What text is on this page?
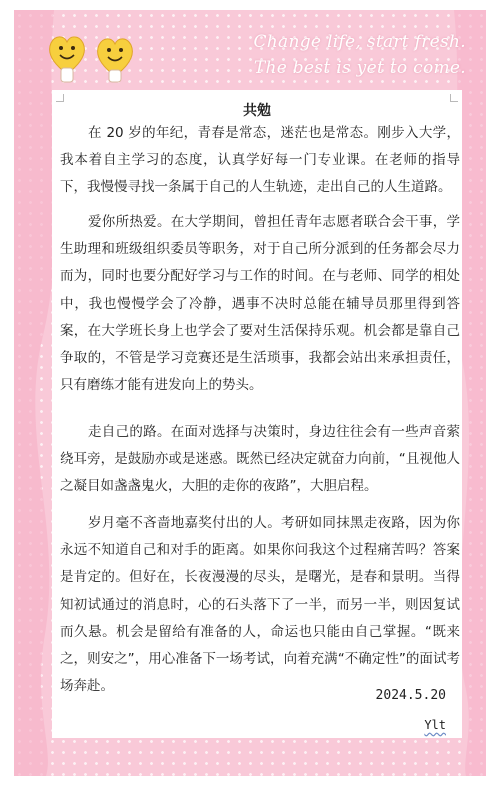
Change life, start fresh.
The best is yet to come.
共勉

在 20 岁的年纪，青春是常态，迷茫也是常态。刚步入大学，我本着自主学习的态度，认真学好每一门专业课。在老师的指导下，我慢慢寻找一条属于自己的人生轨迹，走出自己的人生道路。

爱你所热爱。在大学期间，曾担任青年志愿者联合会干事，学生助理和班级组织委员等职务，对于自己所分派到的任务都会尽力而为，同时也要分配好学习与工作的时间。在与老师、同学的相处中，我也慢慢学会了冷静，遇事不决时总能在辅导员那里得到答案，在大学班长身上也学会了要对生活保持乐观。机会都是靠自己争取的，不管是学习竞赛还是生活琐事，我都会站出来承担责任，只有磨练才能有进发向上的势头。

走自己的路。在面对选择与决策时，身边往往会有一些声音萦绕耳旁，是鼓励亦或是迷惑。既然已经决定就奋力向前，“且视他人之凝目如盏盏鬼火，大胆的走你的夜路”，大胆启程。

岁月毫不吝啬地嘉奖付出的人。考研如同抹黑走夜路，因为你永远不知道自己和对手的距离。如果你问我这个过程痛苦吗？答案是肯定的。但好在，长夜漫漫的尽头，是曙光，是春和景明。当得知初试通过的消息时，心的石头落下了一半，而另一半，则因复试而久悬。机会是留给有准备的人，命运也只能由自己掌握。“既来之，则安之”，用心准备下一场考试，向着充满“不确定性”的面试考场奔赴。

2024.5.20
Ylt
